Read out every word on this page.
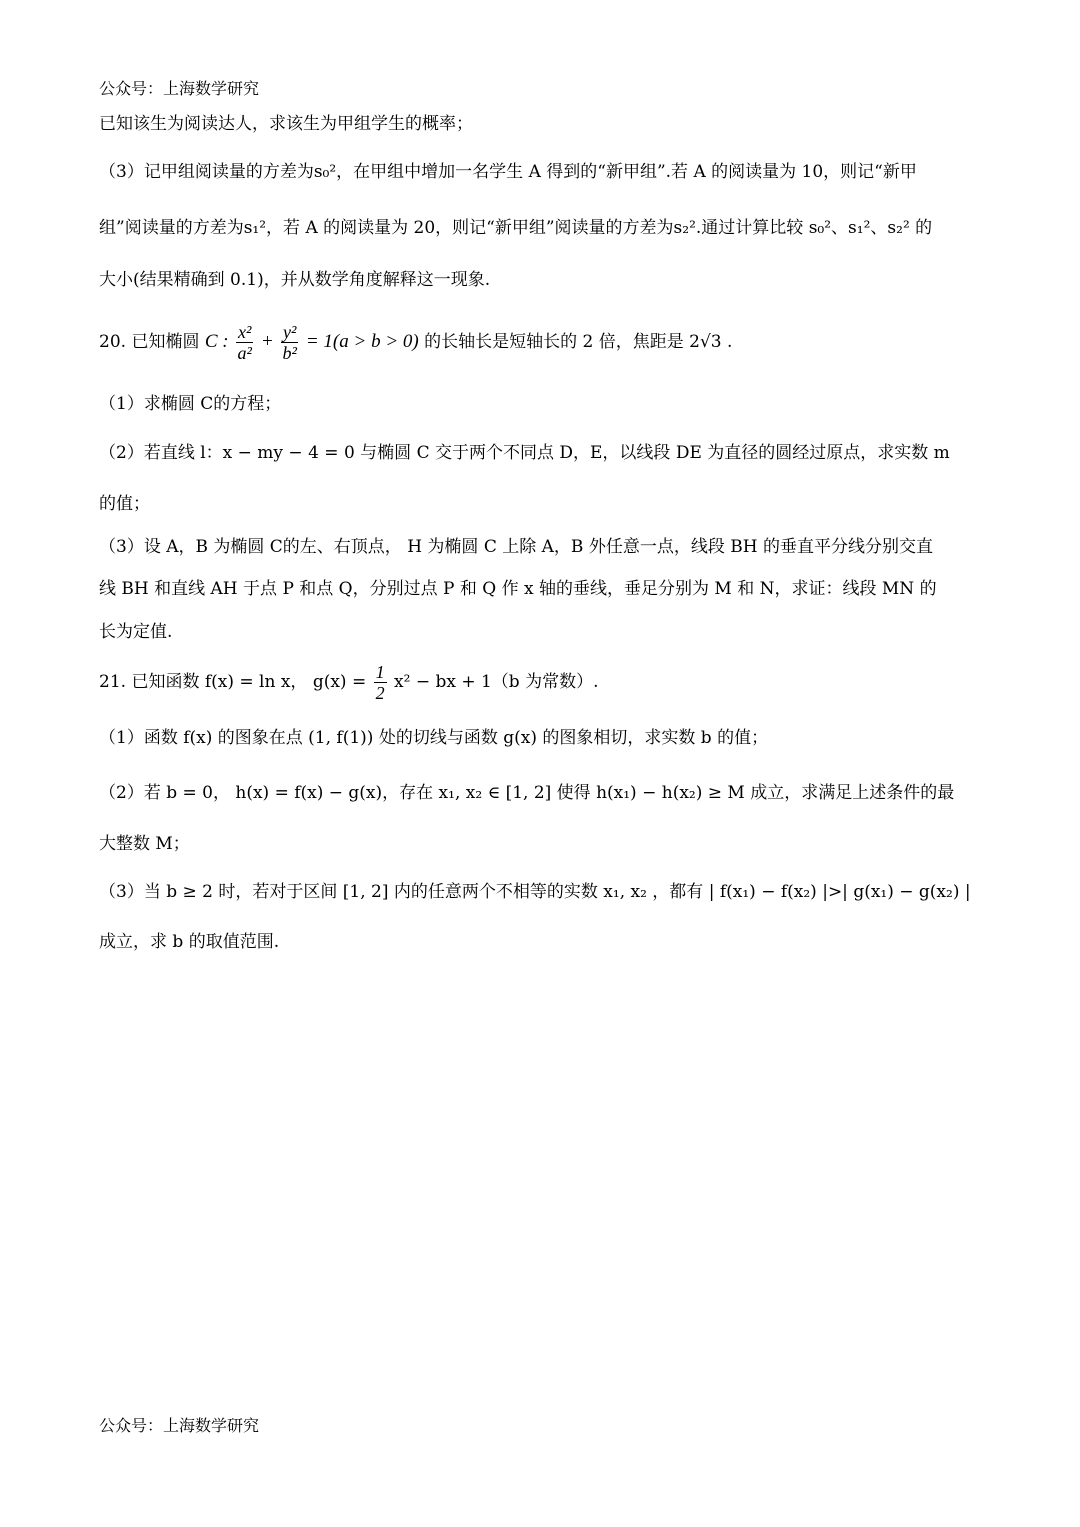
公众号：上海数学研究
已知该生为阅读达人，求该生为甲组学生的概率；
（3）记甲组阅读量的方差为s₀²，在甲组中增加一名学生 A 得到的“新甲组”.若 A 的阅读量为 10，则记“新甲
组”阅读量的方差为s₁²，若 A 的阅读量为 20，则记“新甲组”阅读量的方差为s₂².通过计算比较 s₀²、s₁²、s₂² 的
大小(结果精确到 0.1)，并从数学角度解释这一现象.
20. 已知椭圆 C : $\frac{\text{x²}}{\text{a²}} + \frac{\text{y²}}{\text{b²}} = 1(a > b > 0)$ 的长轴长是短轴长的 2 倍，焦距是 2√3 .
（1）求椭圆 C的方程；
（2）若直线 l：x − my − 4 = 0 与椭圆 C 交于两个不同点 D，E，以线段 DE 为直径的圆经过原点，求实数 m
的值；
（3）设 A，B 为椭圆 C的左、右顶点， H 为椭圆 C 上除 A，B 外任意一点，线段 BH 的垂直平分线分别交直
线 BH 和直线 AH 于点 P 和点 Q，分别过点 P 和 Q 作 x 轴的垂线，垂足分别为 M 和 N，求证：线段 MN 的
长为定值.
21. 已知函数 f(x) = ln x， $g(x) = \frac{1}{2} x^2$ − bx + 1（b 为常数）.
（1）函数 f(x) 的图象在点 (1, f(1)) 处的切线与函数 g(x) 的图象相切，求实数 b 的值；
（2）若 b = 0， h(x) = f(x) − g(x)，存在 x₁, x₂ ∈ [1, 2] 使得 h(x₁) − h(x₂) ≥ M 成立，求满足上述条件的最
大整数 M；
（3）当 b ≥ 2 时，若对于区间 [1, 2] 内的任意两个不相等的实数 x₁, x₂ ，都有 | f(x₁) − f(x₂) |>| g(x₁) − g(x₂) |
成立，求 b 的取值范围.
公众号：上海数学研究
